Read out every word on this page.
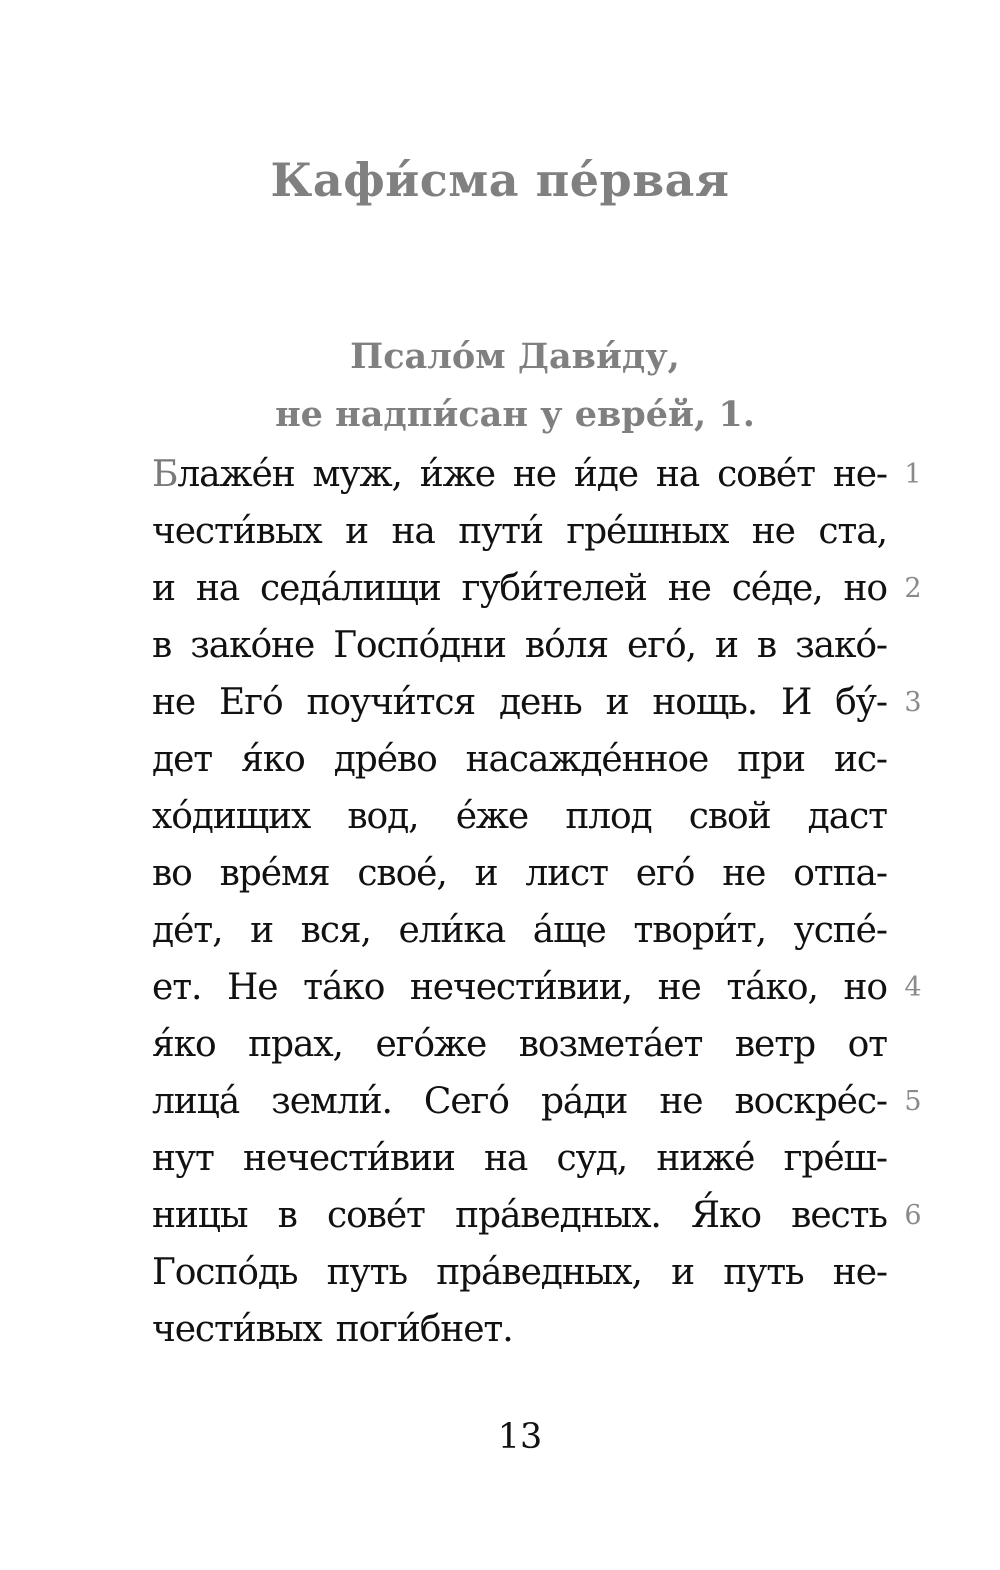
Кафи́сма пе́рвая
Псало́м Дави́ду,
не надпи́сан у евре́й, 1.
Блаже́н муж, и́же не и́де на сове́т не-
чести́вых и на пути́ гре́шных не ста,
и на седа́лищи губи́телей не се́де, но
в зако́не Госпо́дни во́ля его́, и в зако́-
не Его́ поучи́тся день и нощь. И бу́-
дет я́ко дре́во насажде́нное при ис-
хо́дищих вод, е́же плод свой даст
во вре́мя свое́, и лист его́ не отпа-
де́т, и вся, ели́ка а́ще твори́т, успе́-
ет. Не та́ко нечести́вии, не та́ко, но
я́ко прах, его́же возмета́ет ветр от
лица́ земли́. Сего́ ра́ди не воскре́с-
нут нечести́вии на суд, ниже́ гре́ш-
ницы в сове́т пра́ведных. Я́ко весть
Госпо́дь путь пра́ведных, и путь не-
чести́вых поги́бнет.
1
2
3
4
5
6
13
